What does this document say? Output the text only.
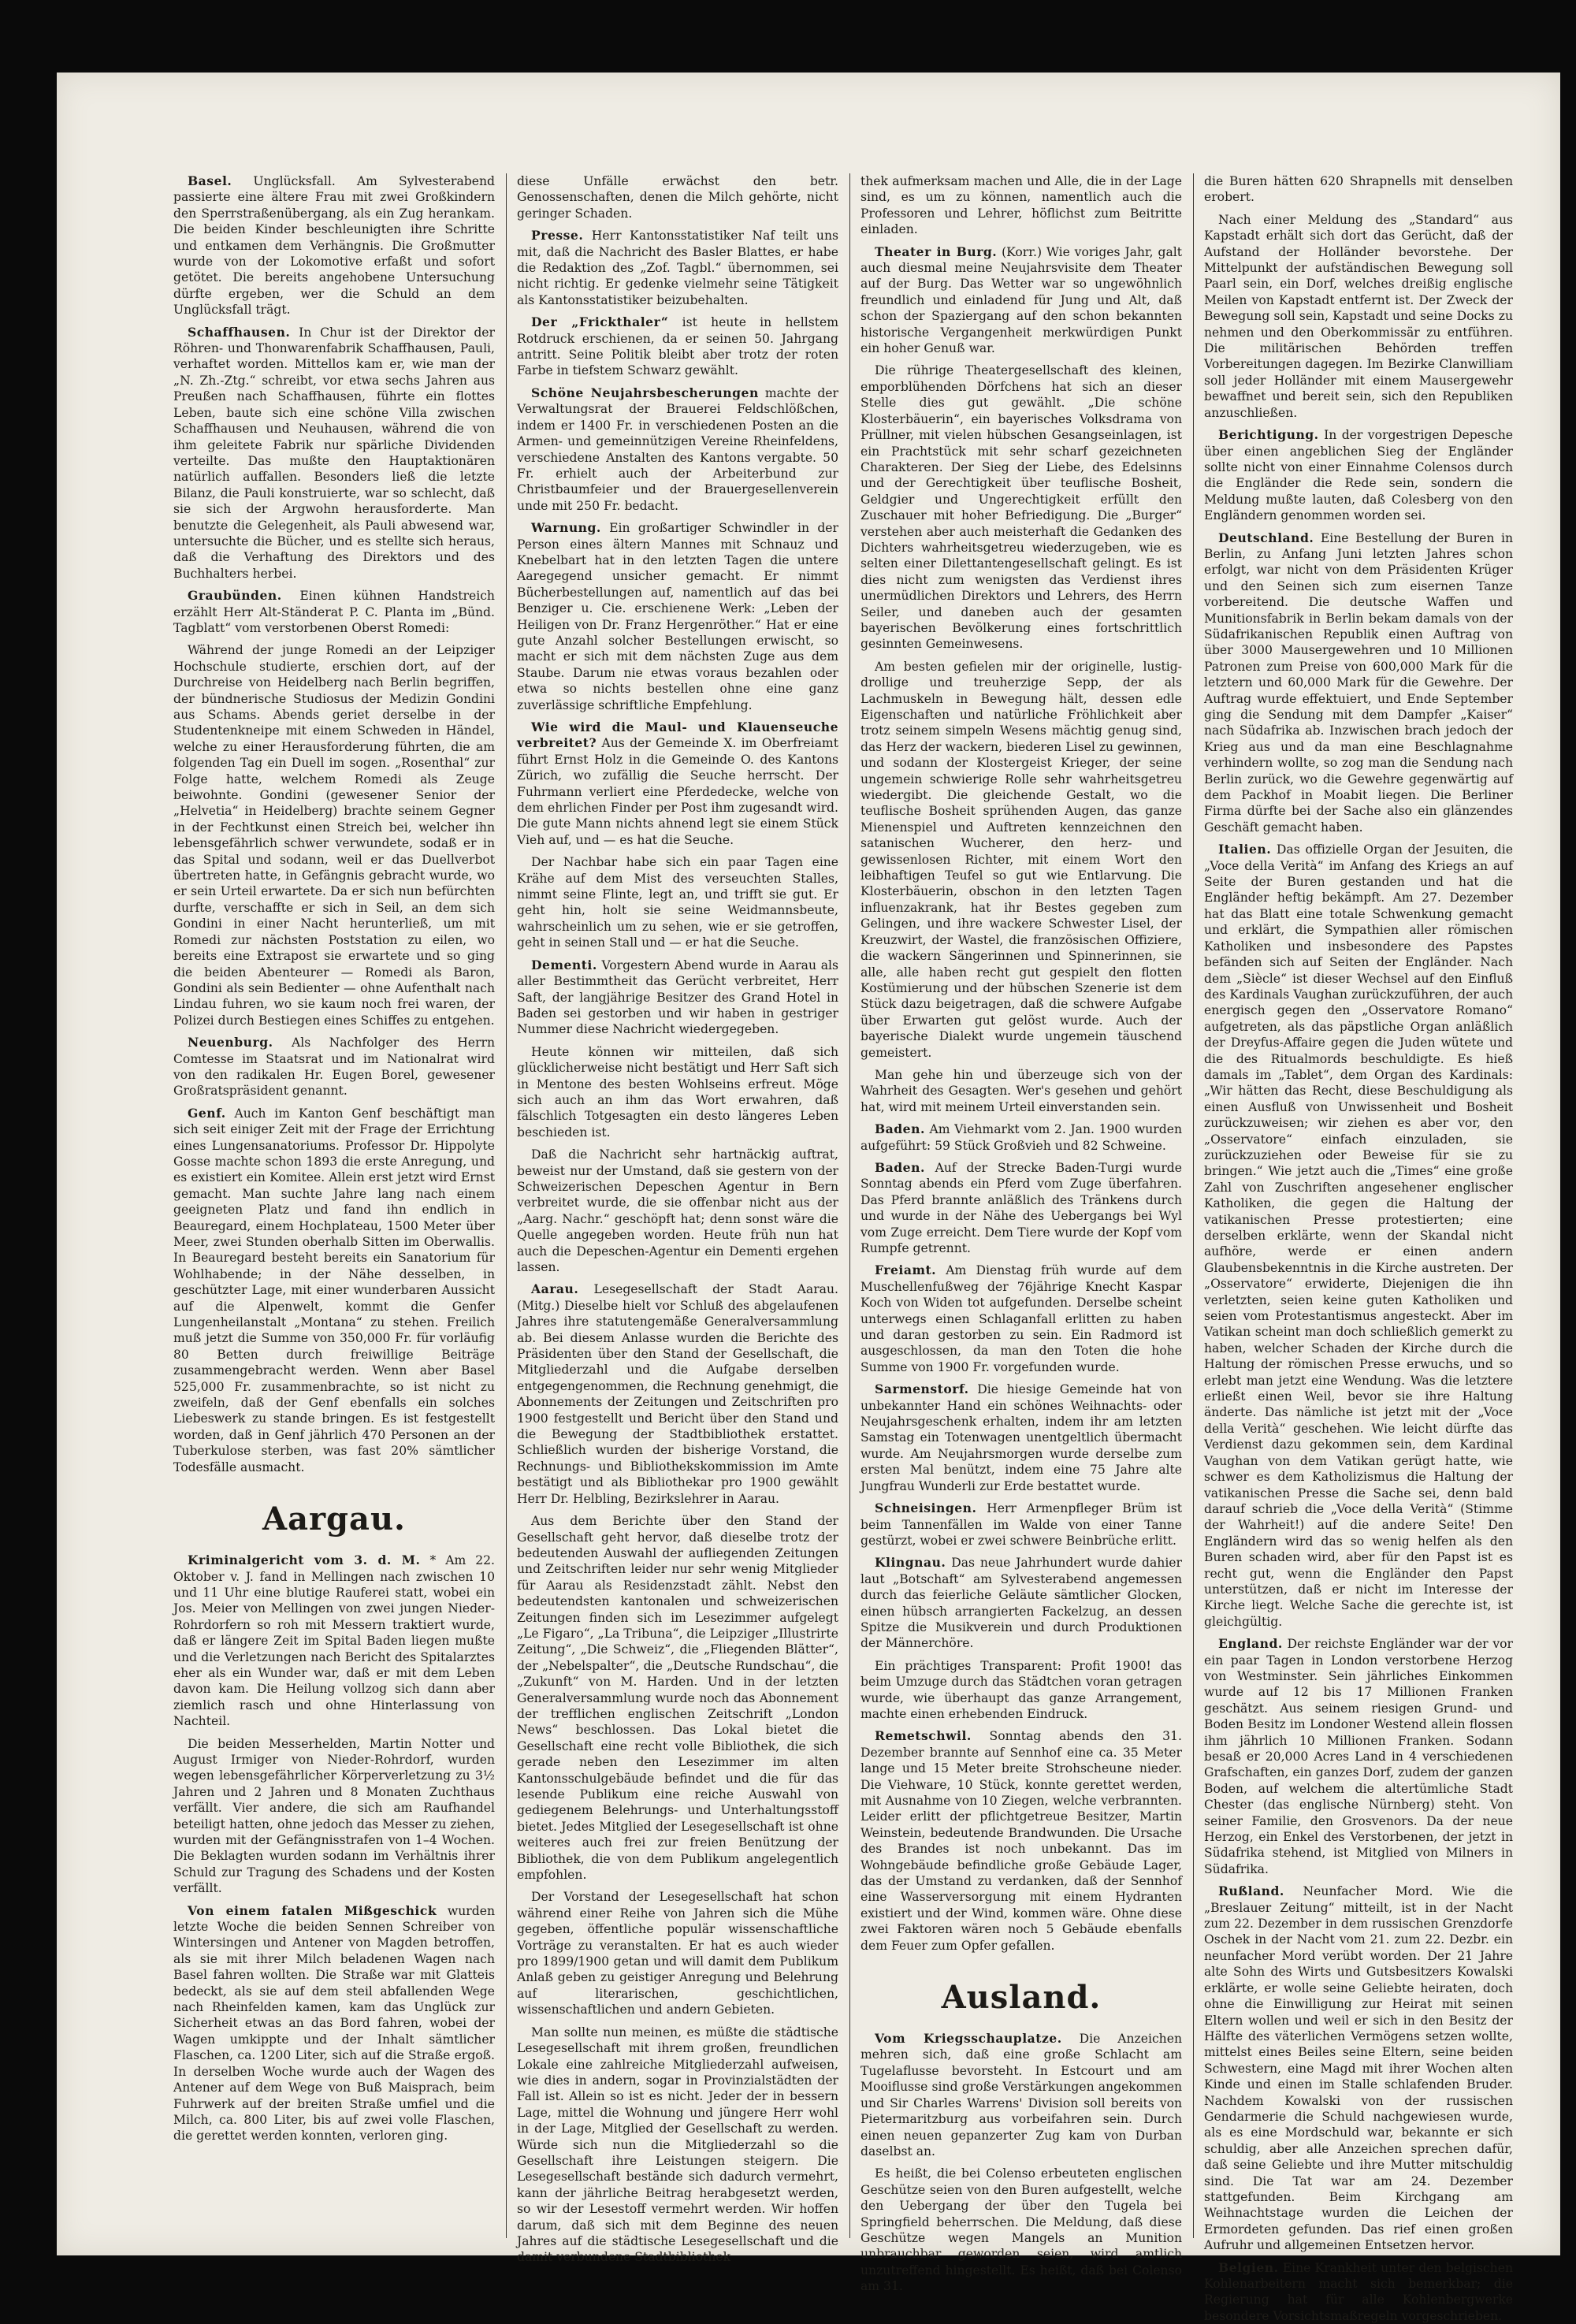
Basel. Unglücksfall. Am Sylvesterabend passierte eine ältere Frau mit zwei Großkindern den Sperrstraßenübergang, als ein Zug herankam. Die beiden Kinder beschleunigten ihre Schritte und entkamen dem Verhängnis. Die Großmutter wurde von der Lokomotive erfaßt und sofort getötet. Die bereits angehobene Untersuchung dürfte ergeben, wer die Schuld an dem Unglücksfall trägt.

Schaffhausen. In Chur ist der Direktor der Röhren- und Thonwarenfabrik Schaffhausen, Pauli, verhaftet worden. Mittellos kam er, wie man der „N. Zh.-Ztg.“ schreibt, vor etwa sechs Jahren aus Preußen nach Schaffhausen, führte ein flottes Leben, baute sich eine schöne Villa zwischen Schaffhausen und Neuhausen, während die von ihm geleitete Fabrik nur spärliche Dividenden verteilte. Das mußte den Hauptaktionären natürlich auffallen. Besonders ließ die letzte Bilanz, die Pauli konstruierte, war so schlecht, daß sie sich der Argwohn herausforderte. Man benutzte die Gelegenheit, als Pauli abwesend war, untersuchte die Bücher, und es stellte sich heraus, daß die Verhaftung des Direktors und des Buchhalters herbei.

Graubünden. Einen kühnen Handstreich erzählt Herr Alt-Ständerat P. C. Planta im „Bünd. Tagblatt“ vom verstorbenen Oberst Romedi:

Während der junge Romedi an der Leipziger Hochschule studierte, erschien dort, auf der Durchreise von Heidelberg nach Berlin begriffen, der bündnerische Studiosus der Medizin Gondini aus Schams. Abends geriet derselbe in der Studentenkneipe mit einem Schweden in Händel, welche zu einer Herausforderung führten, die am folgenden Tag ein Duell im sogen. „Rosenthal“ zur Folge hatte, welchem Romedi als Zeuge beiwohnte. Gondini (gewesener Senior der „Helvetia“ in Heidelberg) brachte seinem Gegner in der Fechtkunst einen Streich bei, welcher ihn lebensgefährlich schwer verwundete, sodaß er in das Spital und sodann, weil er das Duellverbot übertreten hatte, in Gefängnis gebracht wurde, wo er sein Urteil erwartete. Da er sich nun befürchten durfte, verschaffte er sich in Seil, an dem sich Gondini in einer Nacht herunterließ, um mit Romedi zur nächsten Poststation zu eilen, wo bereits eine Extrapost sie erwartete und so ging die beiden Abenteurer — Romedi als Baron, Gondini als sein Bedienter — ohne Aufenthalt nach Lindau fuhren, wo sie kaum noch frei waren, der Polizei durch Bestiegen eines Schiffes zu entgehen.

Neuenburg. Als Nachfolger des Herrn Comtesse im Staatsrat und im Nationalrat wird von den radikalen Hr. Eugen Borel, gewesener Großratspräsident genannt.

Genf. Auch im Kanton Genf beschäftigt man sich seit einiger Zeit mit der Frage der Errichtung eines Lungensanatoriums. Professor Dr. Hippolyte Gosse machte schon 1893 die erste Anregung, und es existiert ein Komitee. Allein erst jetzt wird Ernst gemacht. Man suchte Jahre lang nach einem geeigneten Platz und fand ihn endlich in Beauregard, einem Hochplateau, 1500 Meter über Meer, zwei Stunden oberhalb Sitten im Oberwallis. In Beauregard besteht bereits ein Sanatorium für Wohlhabende; in der Nähe desselben, in geschützter Lage, mit einer wunderbaren Aussicht auf die Alpenwelt, kommt die Genfer Lungenheilanstalt „Montana“ zu stehen. Freilich muß jetzt die Summe von 350,000 Fr. für vorläufig 80 Betten durch freiwillige Beiträge zusammengebracht werden. Wenn aber Basel 525,000 Fr. zusammenbrachte, so ist nicht zu zweifeln, daß der Genf ebenfalls ein solches Liebeswerk zu stande bringen. Es ist festgestellt worden, daß in Genf jährlich 470 Personen an der Tuberkulose sterben, was fast 20% sämtlicher Todesfälle ausmacht.

Aargau.

Kriminalgericht vom 3. d. M. * Am 22. Oktober v. J. fand in Mellingen nach zwischen 10 und 11 Uhr eine blutige Rauferei statt, wobei ein Jos. Meier von Mellingen von zwei jungen Nieder-Rohrdorfern so roh mit Messern traktiert wurde, daß er längere Zeit im Spital Baden liegen mußte und die Verletzungen nach Bericht des Spitalarztes eher als ein Wunder war, daß er mit dem Leben davon kam. Die Heilung vollzog sich dann aber ziemlich rasch und ohne Hinterlassung von Nachteil.

Die beiden Messerhelden, Martin Notter und August Irmiger von Nieder-Rohrdorf, wurden wegen lebensgefährlicher Körperverletzung zu 3½ Jahren und 2 Jahren und 8 Monaten Zuchthaus verfällt. Vier andere, die sich am Raufhandel beteiligt hatten, ohne jedoch das Messer zu ziehen, wurden mit der Gefängnisstrafen von 1–4 Wochen. Die Beklagten wurden sodann im Verhältnis ihrer Schuld zur Tragung des Schadens und der Kosten verfällt.

Von einem fatalen Mißgeschick wurden letzte Woche die beiden Sennen Schreiber von Wintersingen und Antener von Magden betroffen, als sie mit ihrer Milch beladenen Wagen nach Basel fahren wollten. Die Straße war mit Glatteis bedeckt, als sie auf dem steil abfallenden Wege nach Rheinfelden kamen, kam das Unglück zur Sicherheit etwas an das Bord fahren, wobei der Wagen umkippte und der Inhalt sämtlicher Flaschen, ca. 1200 Liter, sich auf die Straße ergoß. In derselben Woche wurde auch der Wagen des Antener auf dem Wege von Buß Maisprach, beim Fuhrwerk auf der breiten Straße umfiel und die Milch, ca. 800 Liter, bis auf zwei volle Flaschen, die gerettet werden konnten, verloren ging.

diese Unfälle erwächst den betr. Genossenschaften, denen die Milch gehörte, nicht geringer Schaden.

Presse. Herr Kantonsstatistiker Naf teilt uns mit, daß die Nachricht des Basler Blattes, er habe die Redaktion des „Zof. Tagbl.“ übernommen, sei nicht richtig. Er gedenke vielmehr seine Tätigkeit als Kantonsstatistiker beizubehalten.

Der „Frickthaler“ ist heute in hellstem Rotdruck erschienen, da er seinen 50. Jahrgang antritt. Seine Politik bleibt aber trotz der roten Farbe in tiefstem Schwarz gewählt.

Schöne Neujahrsbescherungen machte der Verwaltungsrat der Brauerei Feldschlößchen, indem er 1400 Fr. in verschiedenen Posten an die Armen- und gemeinnützigen Vereine Rheinfeldens, verschiedene Anstalten des Kantons vergabte. 50 Fr. erhielt auch der Arbeiterbund zur Christbaumfeier und der Brauergesellenverein unde mit 250 Fr. bedacht.

Warnung. Ein großartiger Schwindler in der Person eines ältern Mannes mit Schnauz und Knebelbart hat in den letzten Tagen die untere Aaregegend unsicher gemacht. Er nimmt Bücherbestellungen auf, namentlich auf das bei Benziger u. Cie. erschienene Werk: „Leben der Heiligen von Dr. Franz Hergenröther.“ Hat er eine gute Anzahl solcher Bestellungen erwischt, so macht er sich mit dem nächsten Zuge aus dem Staube. Darum nie etwas voraus bezahlen oder etwa so nichts bestellen ohne eine ganz zuverlässige schriftliche Empfehlung.

Wie wird die Maul- und Klauenseuche verbreitet? Aus der Gemeinde X. im Oberfreiamt führt Ernst Holz in die Gemeinde O. des Kantons Zürich, wo zufällig die Seuche herrscht. Der Fuhrmann verliert eine Pferdedecke, welche von dem ehrlichen Finder per Post ihm zugesandt wird. Die gute Mann nichts ahnend legt sie einem Stück Vieh auf, und — es hat die Seuche.

Der Nachbar habe sich ein paar Tagen eine Krähe auf dem Mist des verseuchten Stalles, nimmt seine Flinte, legt an, und trifft sie gut. Er geht hin, holt sie seine Weidmannsbeute, wahrscheinlich um zu sehen, wie er sie getroffen, geht in seinen Stall und — er hat die Seuche.

Dementi. Vorgestern Abend wurde in Aarau als aller Bestimmtheit das Gerücht verbreitet, Herr Saft, der langjährige Besitzer des Grand Hotel in Baden sei gestorben und wir haben in gestriger Nummer diese Nachricht wiedergegeben.

Heute können wir mitteilen, daß sich glücklicherweise nicht bestätigt und Herr Saft sich in Mentone des besten Wohlseins erfreut. Möge sich auch an ihm das Wort erwahren, daß fälschlich Totgesagten ein desto längeres Leben beschieden ist.

Daß die Nachricht sehr hartnäckig auftrat, beweist nur der Umstand, daß sie gestern von der Schweizerischen Depeschen Agentur in Bern verbreitet wurde, die sie offenbar nicht aus der „Aarg. Nachr.“ geschöpft hat; denn sonst wäre die Quelle angegeben worden. Heute früh nun hat auch die Depeschen-Agentur ein Dementi ergehen lassen.

Aarau. Lesegesellschaft der Stadt Aarau. (Mitg.) Dieselbe hielt vor Schluß des abgelaufenen Jahres ihre statutengemäße Generalversammlung ab. Bei diesem Anlasse wurden die Berichte des Präsidenten über den Stand der Gesellschaft, die Mitgliederzahl und die Aufgabe derselben entgegengenommen, die Rechnung genehmigt, die Abonnements der Zeitungen und Zeitschriften pro 1900 festgestellt und Bericht über den Stand und die Bewegung der Stadtbibliothek erstattet. Schließlich wurden der bisherige Vorstand, die Rechnungs- und Bibliothekskommission im Amte bestätigt und als Bibliothekar pro 1900 gewählt Herr Dr. Helbling, Bezirkslehrer in Aarau.

Aus dem Berichte über den Stand der Gesellschaft geht hervor, daß dieselbe trotz der bedeutenden Auswahl der aufliegenden Zeitungen und Zeitschriften leider nur sehr wenig Mitglieder für Aarau als Residenzstadt zählt. Nebst den bedeutendsten kantonalen und schweizerischen Zeitungen finden sich im Lesezimmer aufgelegt „Le Figaro“, „La Tribuna“, die Leipziger „Illustrirte Zeitung“, „Die Schweiz“, die „Fliegenden Blätter“, der „Nebelspalter“, die „Deutsche Rundschau“, die „Zukunft“ von M. Harden. Und in der letzten Generalversammlung wurde noch das Abonnement der trefflichen englischen Zeitschrift „London News“ beschlossen. Das Lokal bietet die Gesellschaft eine recht volle Bibliothek, die sich gerade neben den Lesezimmer im alten Kantonsschulgebäude befindet und die für das lesende Publikum eine reiche Auswahl von gediegenem Belehrungs- und Unterhaltungsstoff bietet. Jedes Mitglied der Lesegesellschaft ist ohne weiteres auch frei zur freien Benützung der Bibliothek, die von dem Publikum angelegentlich empfohlen.

Der Vorstand der Lesegesellschaft hat schon während einer Reihe von Jahren sich die Mühe gegeben, öffentliche populär wissenschaftliche Vorträge zu veranstalten. Er hat es auch wieder pro 1899/1900 getan und will damit dem Publikum Anlaß geben zu geistiger Anregung und Belehrung auf literarischen, geschichtlichen, wissenschaftlichen und andern Gebieten.

Man sollte nun meinen, es müßte die städtische Lesegesellschaft mit ihrem großen, freundlichen Lokale eine zahlreiche Mitgliederzahl aufweisen, wie dies in andern, sogar in Provinzialstädten der Fall ist. Allein so ist es nicht. Jeder der in bessern Lage, mittel die Wohnung und jüngere Herr wohl in der Lage, Mitglied der Gesellschaft zu werden. Würde sich nun die Mitgliederzahl so die Gesellschaft ihre Leistungen steigern. Die Lesegesellschaft bestände sich dadurch vermehrt, kann der jährliche Beitrag herabgesetzt werden, so wir der Lesestoff vermehrt werden. Wir hoffen darum, daß sich mit dem Beginne des neuen Jahres auf die städtische Lesegesellschaft und die damit verbundene Stadtbibliothek

thek aufmerksam machen und Alle, die in der Lage sind, es um zu können, namentlich auch die Professoren und Lehrer, höflichst zum Beitritte einladen.

Theater in Burg. (Korr.) Wie voriges Jahr, galt auch diesmal meine Neujahrsvisite dem Theater auf der Burg. Das Wetter war so ungewöhnlich freundlich und einladend für Jung und Alt, daß schon der Spaziergang auf den schon bekannten historische Vergangenheit merkwürdigen Punkt ein hoher Genuß war.

Die rührige Theatergesellschaft des kleinen, emporblühenden Dörfchens hat sich an dieser Stelle dies gut gewählt. „Die schöne Klosterbäuerin“, ein bayerisches Volksdrama von Prüllner, mit vielen hübschen Gesangseinlagen, ist ein Prachtstück mit sehr scharf gezeichneten Charakteren. Der Sieg der Liebe, des Edelsinns und der Gerechtigkeit über teuflische Bosheit, Geldgier und Ungerechtigkeit erfüllt den Zuschauer mit hoher Befriedigung. Die „Burger“ verstehen aber auch meisterhaft die Gedanken des Dichters wahrheitsgetreu wiederzugeben, wie es selten einer Dilettantengesellschaft gelingt. Es ist dies nicht zum wenigsten das Verdienst ihres unermüdlichen Direktors und Lehrers, des Herrn Seiler, und daneben auch der gesamten bayerischen Bevölkerung eines fortschrittlich gesinnten Gemeinwesens.

Am besten gefielen mir der originelle, lustig-drollige und treuherzige Sepp, der als Lachmuskeln in Bewegung hält, dessen edle Eigenschaften und natürliche Fröhlichkeit aber trotz seinem simpeln Wesens mächtig genug sind, das Herz der wackern, biederen Lisel zu gewinnen, und sodann der Klostergeist Krieger, der seine ungemein schwierige Rolle sehr wahrheitsgetreu wiedergibt. Die gleichende Gestalt, wo die teuflische Bosheit sprühenden Augen, das ganze Mienenspiel und Auftreten kennzeichnen den satanischen Wucherer, den herz- und gewissenlosen Richter, mit einem Wort den leibhaftigen Teufel so gut wie Entlarvung. Die Klosterbäuerin, obschon in den letzten Tagen influenzakrank, hat ihr Bestes gegeben zum Gelingen, und ihre wackere Schwester Lisel, der Kreuzwirt, der Wastel, die französischen Offiziere, die wackern Sängerinnen und Spinnerinnen, sie alle, alle haben recht gut gespielt den flotten Kostümierung und der hübschen Szenerie ist dem Stück dazu beigetragen, daß die schwere Aufgabe über Erwarten gut gelöst wurde. Auch der bayerische Dialekt wurde ungemein täuschend gemeistert.

Man gehe hin und überzeuge sich von der Wahrheit des Gesagten. Wer's gesehen und gehört hat, wird mit meinem Urteil einverstanden sein.

Baden. Am Viehmarkt vom 2. Jan. 1900 wurden aufgeführt: 59 Stück Großvieh und 82 Schweine.

Baden. Auf der Strecke Baden-Turgi wurde Sonntag abends ein Pferd vom Zuge überfahren. Das Pferd brannte anläßlich des Tränkens durch und wurde in der Nähe des Uebergangs bei Wyl vom Zuge erreicht. Dem Tiere wurde der Kopf vom Rumpfe getrennt.

Freiamt. Am Dienstag früh wurde auf dem Muschellenfußweg der 76jährige Knecht Kaspar Koch von Widen tot aufgefunden. Derselbe scheint unterwegs einen Schlaganfall erlitten zu haben und daran gestorben zu sein. Ein Radmord ist ausgeschlossen, da man den Toten die hohe Summe von 1900 Fr. vorgefunden wurde.

Sarmenstorf. Die hiesige Gemeinde hat von unbekannter Hand ein schönes Weihnachts- oder Neujahrsgeschenk erhalten, indem ihr am letzten Samstag ein Totenwagen unentgeltlich übermacht wurde. Am Neujahrsmorgen wurde derselbe zum ersten Mal benützt, indem eine 75 Jahre alte Jungfrau Wunderli zur Erde bestattet wurde.

Schneisingen. Herr Armenpfleger Brüm ist beim Tannenfällen im Walde von einer Tanne gestürzt, wobei er zwei schwere Beinbrüche erlitt.

Klingnau. Das neue Jahrhundert wurde dahier laut „Botschaft“ am Sylvesterabend angemessen durch das feierliche Geläute sämtlicher Glocken, einen hübsch arrangierten Fackelzug, an dessen Spitze die Musikverein und durch Produktionen der Männerchöre.

Ein prächtiges Transparent: Profit 1900! das beim Umzuge durch das Städtchen voran getragen wurde, wie überhaupt das ganze Arrangement, machte einen erhebenden Eindruck.

Remetschwil. Sonntag abends den 31. Dezember brannte auf Sennhof eine ca. 35 Meter lange und 15 Meter breite Strohscheune nieder. Die Viehware, 10 Stück, konnte gerettet werden, mit Ausnahme von 10 Ziegen, welche verbrannten. Leider erlitt der pflichtgetreue Besitzer, Martin Weinstein, bedeutende Brandwunden. Die Ursache des Brandes ist noch unbekannt. Das im Wohngebäude befindliche große Gebäude Lager, das der Umstand zu verdanken, daß der Sennhof eine Wasserversorgung mit einem Hydranten existiert und der Wind, kommen wäre. Ohne diese zwei Faktoren wären noch 5 Gebäude ebenfalls dem Feuer zum Opfer gefallen.

Ausland.

Vom Kriegsschauplatze. Die Anzeichen mehren sich, daß eine große Schlacht am Tugelaflusse bevorsteht. In Estcourt und am Mooiflusse sind große Verstärkungen angekommen und Sir Charles Warrens' Division soll bereits von Pietermaritzburg aus vorbeifahren sein. Durch einen neuen gepanzerter Zug kam von Durban daselbst an.

Es heißt, die bei Colenso erbeuteten englischen Geschütze seien von den Buren aufgestellt, welche den Uebergang der über den Tugela bei Springfield beherrschen. Die Meldung, daß diese Geschütze wegen Mangels an Munition unbrauchbar geworden seien, wird amtlich unzutreffend hingestellt. Es heißt, daß bei Colenso am 31.

die Buren hätten 620 Shrapnells mit denselben erobert.

Nach einer Meldung des „Standard“ aus Kapstadt erhält sich dort das Gerücht, daß der Aufstand der Holländer bevorstehe. Der Mittelpunkt der aufständischen Bewegung soll Paarl sein, ein Dorf, welches dreißig englische Meilen von Kapstadt entfernt ist. Der Zweck der Bewegung soll sein, Kapstadt und seine Docks zu nehmen und den Oberkommissär zu entführen. Die militärischen Behörden treffen Vorbereitungen dagegen. Im Bezirke Clanwilliam soll jeder Holländer mit einem Mausergewehr bewaffnet und bereit sein, sich den Republiken anzuschließen.

Berichtigung. In der vorgestrigen Depesche über einen angeblichen Sieg der Engländer sollte nicht von einer Einnahme Colensos durch die Engländer die Rede sein, sondern die Meldung mußte lauten, daß Colesberg von den Engländern genommen worden sei.

Deutschland. Eine Bestellung der Buren in Berlin, zu Anfang Juni letzten Jahres schon erfolgt, war nicht von dem Präsidenten Krüger und den Seinen sich zum eisernen Tanze vorbereitend. Die deutsche Waffen und Munitionsfabrik in Berlin bekam damals von der Südafrikanischen Republik einen Auftrag von über 3000 Mausergewehren und 10 Millionen Patronen zum Preise von 600,000 Mark für die letztern und 60,000 Mark für die Gewehre. Der Auftrag wurde effektuiert, und Ende September ging die Sendung mit dem Dampfer „Kaiser“ nach Südafrika ab. Inzwischen brach jedoch der Krieg aus und da man eine Beschlagnahme verhindern wollte, so zog man die Sendung nach Berlin zurück, wo die Gewehre gegenwärtig auf dem Packhof in Moabit liegen. Die Berliner Firma dürfte bei der Sache also ein glänzendes Geschäft gemacht haben.

Italien. Das offizielle Organ der Jesuiten, die „Voce della Verità“ im Anfang des Kriegs an auf Seite der Buren gestanden und hat die Engländer heftig bekämpft. Am 27. Dezember hat das Blatt eine totale Schwenkung gemacht und erklärt, die Sympathien aller römischen Katholiken und insbesondere des Papstes befänden sich auf Seiten der Engländer. Nach dem „Siècle“ ist dieser Wechsel auf den Einfluß des Kardinals Vaughan zurückzuführen, der auch energisch gegen den „Osservatore Romano“ aufgetreten, als das päpstliche Organ anläßlich der Dreyfus-Affaire gegen die Juden wütete und die des Ritualmords beschuldigte. Es hieß damals im „Tablet“, dem Organ des Kardinals: „Wir hätten das Recht, diese Beschuldigung als einen Ausfluß von Unwissenheit und Bosheit zurückzuweisen; wir ziehen es aber vor, den „Osservatore“ einfach einzuladen, sie zurückzuziehen oder Beweise für sie zu bringen.“ Wie jetzt auch die „Times“ eine große Zahl von Zuschriften angesehener englischer Katholiken, die gegen die Haltung der vatikanischen Presse protestierten; eine derselben erklärte, wenn der Skandal nicht aufhöre, werde er einen andern Glaubensbekenntnis in die Kirche austreten. Der „Osservatore“ erwiderte, Diejenigen die ihn verletzten, seien keine guten Katholiken und seien vom Protestantismus angesteckt. Aber im Vatikan scheint man doch schließlich gemerkt zu haben, welcher Schaden der Kirche durch die Haltung der römischen Presse erwuchs, und so erlebt man jetzt eine Wendung. Was die letztere erließt einen Weil, bevor sie ihre Haltung änderte. Das nämliche ist jetzt mit der „Voce della Verità“ geschehen. Wie leicht dürfte das Verdienst dazu gekommen sein, dem Kardinal Vaughan von dem Vatikan gerügt hatte, wie schwer es dem Katholizismus die Haltung der vatikanischen Presse die Sache sei, denn bald darauf schrieb die „Voce della Verità“ (Stimme der Wahrheit!) auf die andere Seite! Den Engländern wird das so wenig helfen als den Buren schaden wird, aber für den Papst ist es recht gut, wenn die Engländer den Papst unterstützen, daß er nicht im Interesse der Kirche liegt. Welche Sache die gerechte ist, ist gleichgültig.

England. Der reichste Engländer war der vor ein paar Tagen in London verstorbene Herzog von Westminster. Sein jährliches Einkommen wurde auf 12 bis 17 Millionen Franken geschätzt. Aus seinem riesigen Grund- und Boden Besitz im Londoner Westend allein flossen ihm jährlich 10 Millionen Franken. Sodann besaß er 20,000 Acres Land in 4 verschiedenen Grafschaften, ein ganzes Dorf, zudem der ganzen Boden, auf welchem die altertümliche Stadt Chester (das englische Nürnberg) steht. Von seiner Familie, den Grosvenors. Da der neue Herzog, ein Enkel des Verstorbenen, der jetzt in Südafrika stehend, ist Mitglied von Milners in Südafrika.

Rußland. Neunfacher Mord. Wie die „Breslauer Zeitung“ mitteilt, ist in der Nacht zum 22. Dezember in dem russischen Grenzdorfe Oschek in der Nacht vom 21. zum 22. Dezbr. ein neunfacher Mord verübt worden. Der 21 Jahre alte Sohn des Wirts und Gutsbesitzers Kowalski erklärte, er wolle seine Geliebte heiraten, doch ohne die Einwilligung zur Heirat mit seinen Eltern wollen und weil er sich in den Besitz der Hälfte des väterlichen Vermögens setzen wollte, mittelst eines Beiles seine Eltern, seine beiden Schwestern, eine Magd mit ihrer Wochen alten Kinde und einen im Stalle schlafenden Bruder. Nachdem Kowalski von der russischen Gendarmerie die Schuld nachgewiesen wurde, als es eine Mordschuld war, bekannte er sich schuldig, aber alle Anzeichen sprechen dafür, daß seine Geliebte und ihre Mutter mitschuldig sind. Die Tat war am 24. Dezember stattgefunden. Beim Kirchgang am Weihnachtstage wurden die Leichen der Ermordeten gefunden. Das rief einen großen Aufruhr und allgemeinen Entsetzen hervor.

Belgien. Eine Krankheit unter den belgischen Kohlenarbeitern macht sich bemerkbar; die Regierung hat für alle Kohlenbergwerke besondere Vorsichtsmaßregeln vorgeschrieben.
